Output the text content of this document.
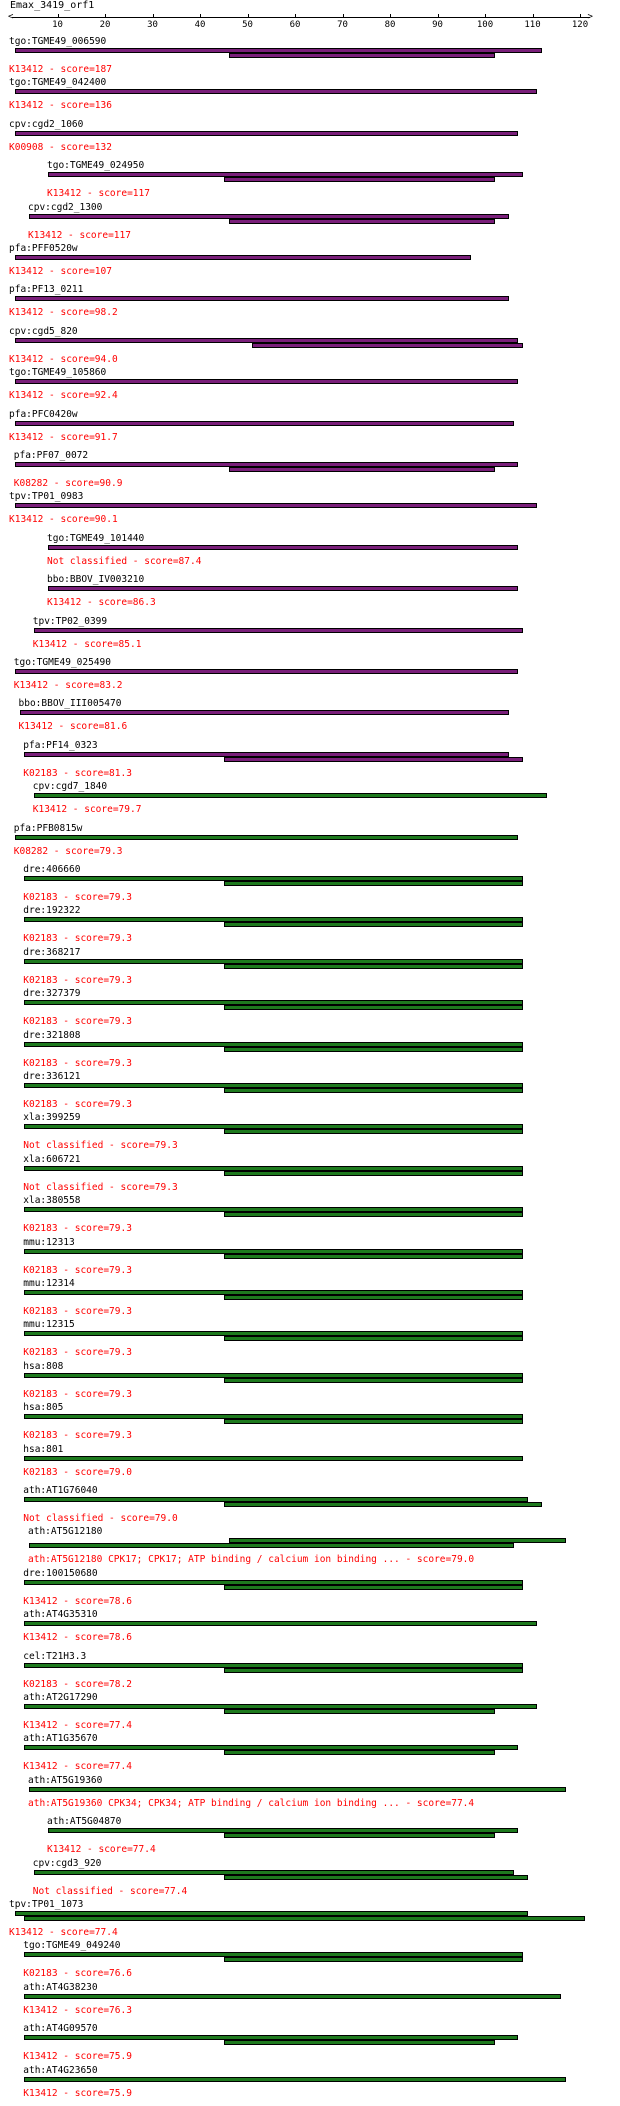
Emax_3419_orf1
<	>
10	20	30	40	50	60	70	80	90	100	110	120
tgo:TGME49_006590
K13412 - score=187
tgo:TGME49_042400
K13412 - score=136
cpv:cgd2_1060
K00908 - score=132
tgo:TGME49_024950
K13412 - score=117
cpv:cgd2_1300
K13412 - score=117
pfa:PFF0520w
K13412 - score=107
pfa:PF13_0211
K13412 - score=98.2
cpv:cgd5_820
K13412 - score=94.0
tgo:TGME49_105860
K13412 - score=92.4
pfa:PFC0420w
K13412 - score=91.7
pfa:PF07_0072
K08282 - score=90.9
tpv:TP01_0983
K13412 - score=90.1
tgo:TGME49_101440
Not classified - score=87.4
bbo:BBOV_IV003210
K13412 - score=86.3
tpv:TP02_0399
K13412 - score=85.1
tgo:TGME49_025490
K13412 - score=83.2
bbo:BBOV_III005470
K13412 - score=81.6
pfa:PF14_0323
K02183 - score=81.3
cpv:cgd7_1840
K13412 - score=79.7
pfa:PFB0815w
K08282 - score=79.3
dre:406660
K02183 - score=79.3
dre:192322
K02183 - score=79.3
dre:368217
K02183 - score=79.3
dre:327379
K02183 - score=79.3
dre:321808
K02183 - score=79.3
dre:336121
K02183 - score=79.3
xla:399259
Not classified - score=79.3
xla:606721
Not classified - score=79.3
xla:380558
K02183 - score=79.3
mmu:12313
K02183 - score=79.3
mmu:12314
K02183 - score=79.3
mmu:12315
K02183 - score=79.3
hsa:808
K02183 - score=79.3
hsa:805
K02183 - score=79.3
hsa:801
K02183 - score=79.0
ath:AT1G76040
Not classified - score=79.0
ath:AT5G12180
ath:AT5G12180 CPK17; CPK17; ATP binding / calcium ion binding ... - score=79.0
dre:100150680
K13412 - score=78.6
ath:AT4G35310
K13412 - score=78.6
cel:T21H3.3
K02183 - score=78.2
ath:AT2G17290
K13412 - score=77.4
ath:AT1G35670
K13412 - score=77.4
ath:AT5G19360
ath:AT5G19360 CPK34; CPK34; ATP binding / calcium ion binding ... - score=77.4
ath:AT5G04870
K13412 - score=77.4
cpv:cgd3_920
Not classified - score=77.4
tpv:TP01_1073
K13412 - score=77.4
tgo:TGME49_049240
K02183 - score=76.6
ath:AT4G38230
K13412 - score=76.3
ath:AT4G09570
K13412 - score=75.9
ath:AT4G23650
K13412 - score=75.9
